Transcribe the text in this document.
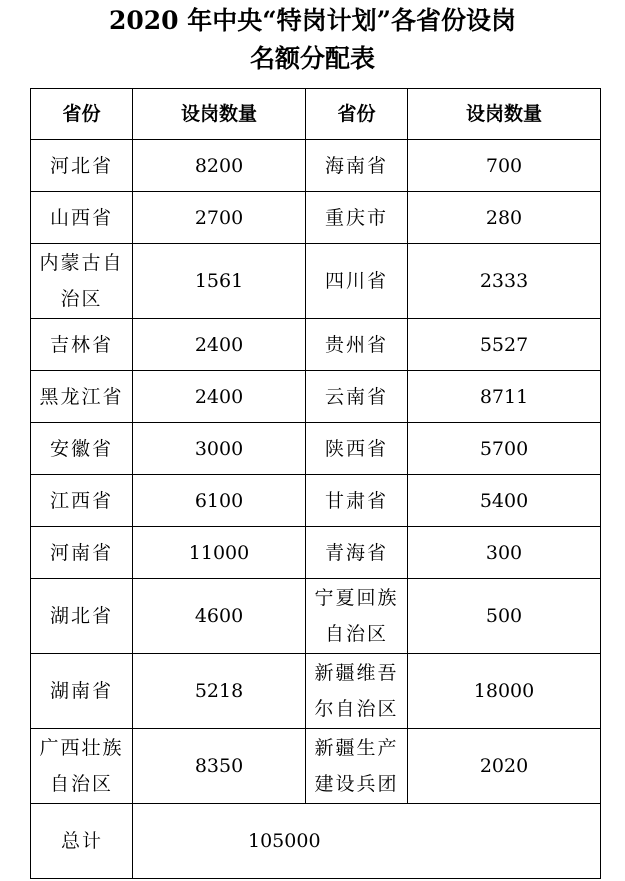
2020 年中央“特岗计划”各省份设岗
名额分配表
省份	设岗数量	省份	设岗数量
河北省	8200	海南省	700
山西省	2700	重庆市	280
内蒙古自治区	1561	四川省	2333
吉林省	2400	贵州省	5527
黑龙江省	2400	云南省	8711
安徽省	3000	陕西省	5700
江西省	6100	甘肃省	5400
河南省	11000	青海省	300
湖北省	4600	宁夏回族自治区	500
湖南省	5218	新疆维吾尔自治区	18000
广西壮族自治区	8350	新疆生产建设兵团	2020
总计	105000		
